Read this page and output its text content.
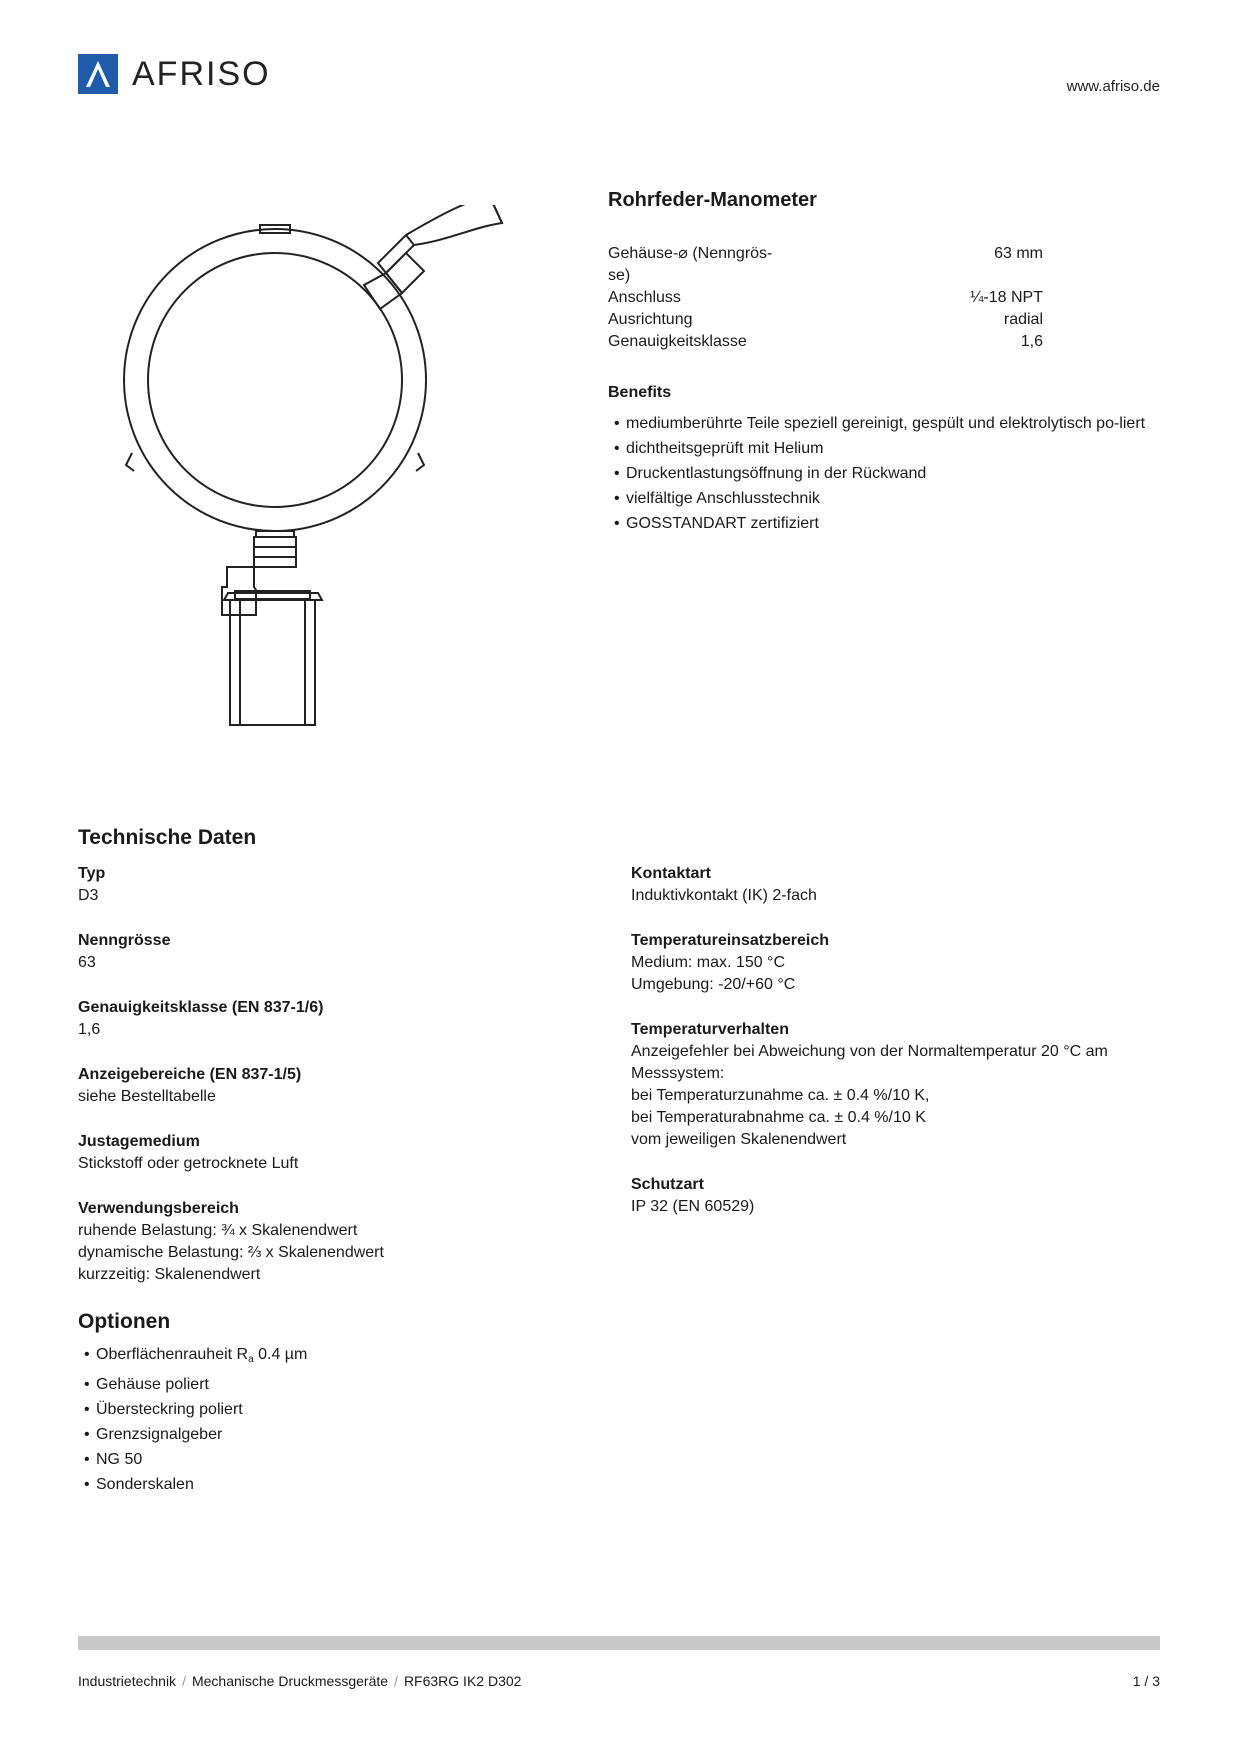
AFRISO	www.afriso.de
Rohrfeder-Manometer
Gehäuse-⌀ (Nenngrös-se)	63 mm
Anschluss	¼-18 NPT
Ausrichtung	radial
Genauigkeitsklasse	1,6
Benefits
• mediumberührte Teile speziell gereinigt, gespült und elektrolytisch po-liert
• dichtheitsgeprüft mit Helium
• Druckentlastungsöffnung in der Rückwand
• vielfältige Anschlusstechnik
• GOSSTANDART zertifiziert
Technische Daten
Typ
D3
Nenngrösse
63
Genauigkeitsklasse (EN 837-1/6)
1,6
Anzeigebereiche (EN 837-1/5)
siehe Bestelltabelle
Justagemedium
Stickstoff oder getrocknete Luft
Verwendungsbereich
ruhende Belastung: ¾ x Skalenendwert
dynamische Belastung: ⅔ x Skalenendwert
kurzzeitig: Skalenendwert
Kontaktart
Induktivkontakt (IK) 2-fach
Temperatureinsatzbereich
Medium: max. 150 °C
Umgebung: -20/+60 °C
Temperaturverhalten
Anzeigefehler bei Abweichung von der Normaltemperatur 20 °C am
Messsystem:
bei Temperaturzunahme ca. ± 0.4 %/10 K,
bei Temperaturabnahme ca. ± 0.4 %/10 K
vom jeweiligen Skalenendwert
Schutzart
IP 32 (EN 60529)
Optionen
• Oberflächenrauheit $R_a$ 0.4 µm
• Gehäuse poliert
• Übersteckring poliert
• Grenzsignalgeber
• NG 50
• Sonderskalen
Industrietechnik / Mechanische Druckmessgeräte / RF63RG IK2 D302	1 / 3
